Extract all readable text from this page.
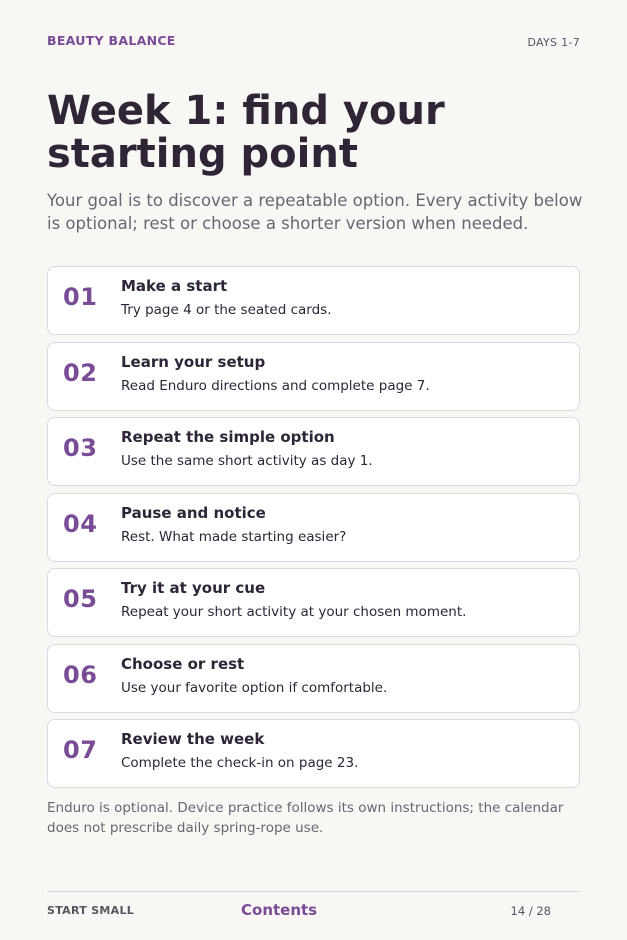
BEAUTY BALANCE	DAYS 1-7
Week 1: find your starting point

Your goal is to discover a repeatable option. Every activity below is optional; rest or choose a shorter version when needed.

01 Make a start
Try page 4 or the seated cards.
02 Learn your setup
Read Enduro directions and complete page 7.
03 Repeat the simple option
Use the same short activity as day 1.
04 Pause and notice
Rest. What made starting easier?
05 Try it at your cue
Repeat your short activity at your chosen moment.
06 Choose or rest
Use your favorite option if comfortable.
07 Review the week
Complete the check-in on page 23.

Enduro is optional. Device practice follows its own instructions; the calendar does not prescribe daily spring-rope use.

START SMALL	Contents	14 / 28
